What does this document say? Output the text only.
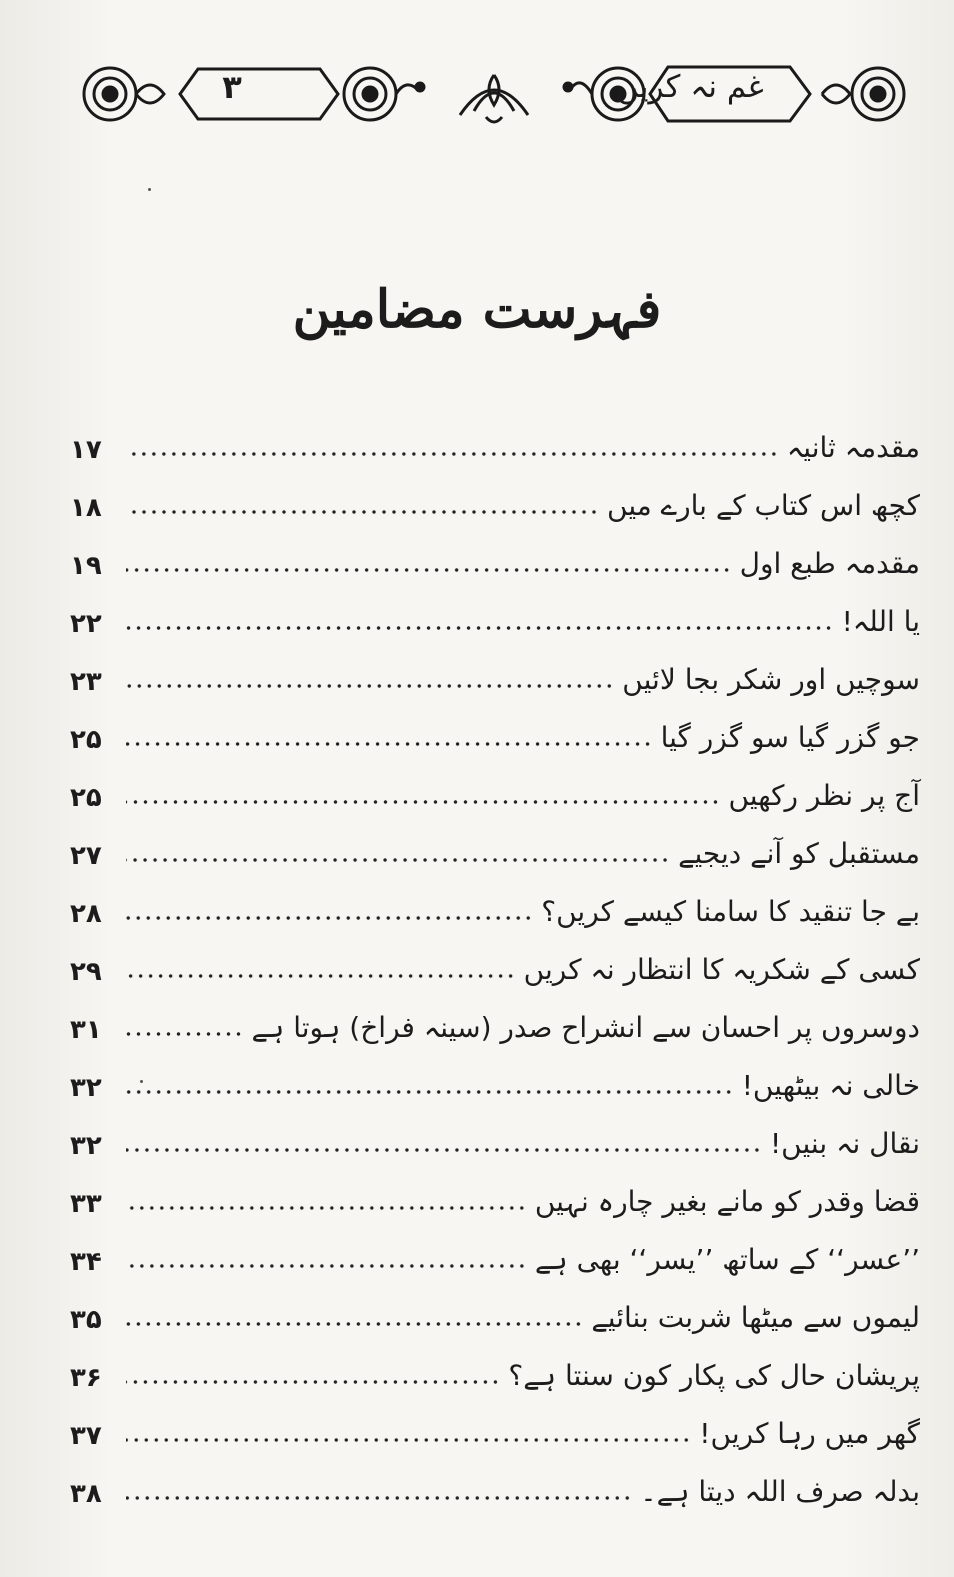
۳	غم نہ کریں
فہرست مضامین
۱۷	مقدمہ ثانیہ
۱۸	کچھ اس کتاب کے بارے میں
۱۹	مقدمہ طبع اول
۲۲	یا اللہ!
۲۳	سوچیں اور شکر بجا لائیں
۲۵	جو گزر گیا سو گزر گیا
۲۵	آج پر نظر رکھیں
۲۷	مستقبل کو آنے دیجیے
۲۸	بے جا تنقید کا سامنا کیسے کریں؟
۲۹	کسی کے شکریہ کا انتظار نہ کریں
۳۱	دوسروں پر احسان سے انشراح صدر (سینہ فراخ) ہوتا ہے
۳۲	خالی نہ بیٹھیں!
۳۲	نقال نہ بنیں!
۳۳	قضا وقدر کو مانے بغیر چارہ نہیں
۳۴	’’عسر‘‘ کے ساتھ ’’یسر‘‘ بھی ہے
۳۵	لیموں سے میٹھا شربت بنائیے
۳۶	پریشان حال کی پکار کون سنتا ہے؟
۳۷	گھر میں رہا کریں!
۳۸	بدلہ صرف اللہ دیتا ہے۔
